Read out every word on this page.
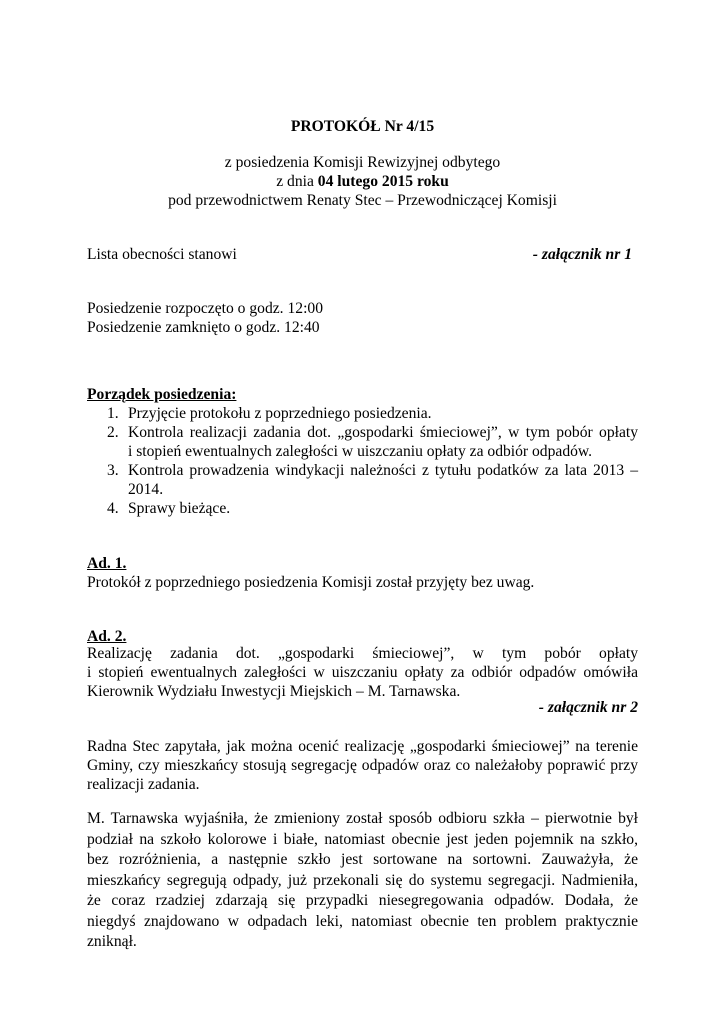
PROTOKÓŁ Nr 4/15
z posiedzenia Komisji Rewizyjnej odbytego
z dnia 04 lutego 2015 roku
pod przewodnictwem Renaty Stec – Przewodniczącej Komisji
Lista obecności stanowi	- załącznik nr 1
Posiedzenie rozpoczęto o godz. 12:00
Posiedzenie zamknięto o godz. 12:40
Porządek posiedzenia:
1. Przyjęcie protokołu z poprzedniego posiedzenia.
2. Kontrola realizacji zadania dot. „gospodarki śmieciowej”, w tym pobór opłaty
i stopień ewentualnych zaległości w uiszczaniu opłaty za odbiór odpadów.
3. Kontrola prowadzenia windykacji należności z tytułu podatków za lata 2013 –
2014.
4. Sprawy bieżące.
Ad. 1.
Protokół z poprzedniego posiedzenia Komisji został przyjęty bez uwag.
Ad. 2.
Realizację zadania dot. „gospodarki śmieciowej”, w tym pobór opłaty
i stopień ewentualnych zaległości w uiszczaniu opłaty za odbiór odpadów omówiła
Kierownik Wydziału Inwestycji Miejskich – M. Tarnawska.
- załącznik nr 2
Radna Stec zapytała, jak można ocenić realizację „gospodarki śmieciowej” na terenie
Gminy, czy mieszkańcy stosują segregację odpadów oraz co należałoby poprawić przy
realizacji zadania.
M. Tarnawska wyjaśniła, że zmieniony został sposób odbioru szkła – pierwotnie był
podział na szkoło kolorowe i białe, natomiast obecnie jest jeden pojemnik na szkło,
bez rozróżnienia, a następnie szkło jest sortowane na sortowni. Zauważyła, że
mieszkańcy segregują odpady, już przekonali się do systemu segregacji. Nadmieniła,
że coraz rzadziej zdarzają się przypadki niesegregowania odpadów. Dodała, że
niegdyś znajdowano w odpadach leki, natomiast obecnie ten problem praktycznie
zniknął.
